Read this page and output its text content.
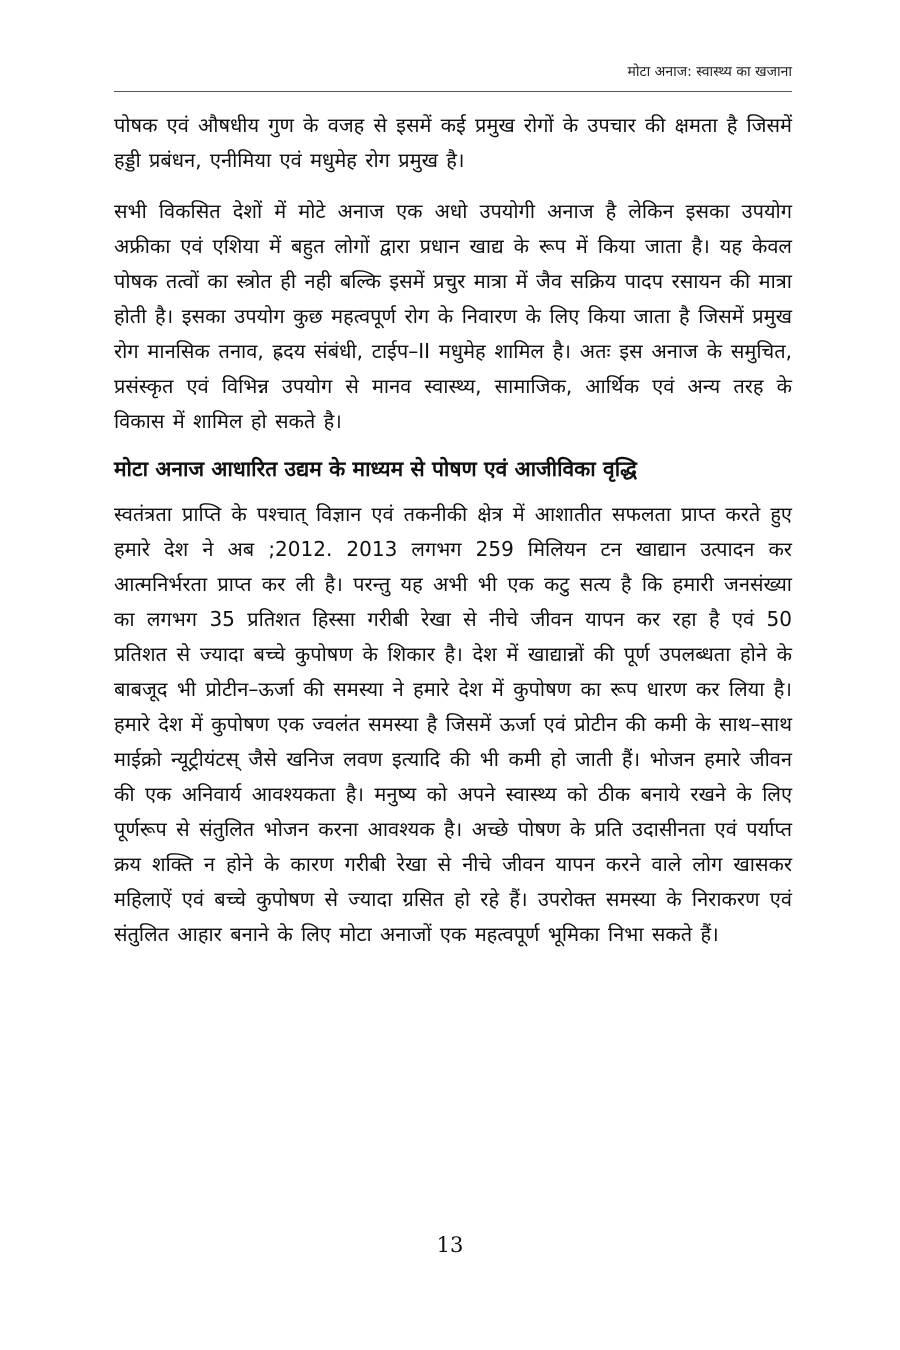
मोटा अनाज: स्वास्थ्य का खजाना

पोषक एवं औषधीय गुण के वजह से इसमें कई प्रमुख रोगों के उपचार की क्षमता है जिसमें हड्डी प्रबंधन, एनीमिया एवं मधुमेह रोग प्रमुख है।

सभी विकसित देशों में मोटे अनाज एक अधो उपयोगी अनाज है लेकिन इसका उपयोग अफ्रीका एवं एशिया में बहुत लोगों द्वारा प्रधान खाद्य के रूप में किया जाता है। यह केवल पोषक तत्वों का स्त्रोत ही नही बल्कि इसमें प्रचुर मात्रा में जैव सक्रिय पादप रसायन की मात्रा होती है। इसका उपयोग कुछ महत्वपूर्ण रोग के निवारण के लिए किया जाता है जिसमें प्रमुख रोग मानसिक तनाव, ह्रदय संबंधी, टाईप–II मधुमेह शामिल है। अतः इस अनाज के समुचित, प्रसंस्कृत एवं विभिन्न उपयोग से मानव स्वास्थ्य, सामाजिक, आर्थिक एवं अन्य तरह के विकास में शामिल हो सकते है।

मोटा अनाज आधारित उद्यम के माध्यम से पोषण एवं आजीविका वृद्धि

स्वतंत्रता प्राप्ति के पश्चात् विज्ञान एवं तकनीकी क्षेत्र में आशातीत सफलता प्राप्त करते हुए हमारे देश ने अब ;2012. 2013 लगभग 259 मिलियन टन खाद्यान उत्पादन कर आत्मनिर्भरता प्राप्त कर ली है। परन्तु यह अभी भी एक कटु सत्य है कि हमारी जनसंख्या का लगभग 35 प्रतिशत हिस्सा गरीबी रेखा से नीचे जीवन यापन कर रहा है एवं 50 प्रतिशत से ज्यादा बच्चे कुपोषण के शिकार है। देश में खाद्यान्नों की पूर्ण उपलब्धता होने के बाबजूद भी प्रोटीन–ऊर्जा की समस्या ने हमारे देश में कुपोषण का रूप धारण कर लिया है। हमारे देश में कुपोषण एक ज्वलंत समस्या है जिसमें ऊर्जा एवं प्रोटीन की कमी के साथ–साथ माईक्रो न्यूट्रीयंटस् जैसे खनिज लवण इत्यादि की भी कमी हो जाती हैं। भोजन हमारे जीवन की एक अनिवार्य आवश्यकता है। मनुष्य को अपने स्वास्थ्य को ठीक बनाये रखने के लिए पूर्णरूप से संतुलित भोजन करना आवश्यक है। अच्छे पोषण के प्रति उदासीनता एवं पर्याप्त क्रय शक्ति न होने के कारण गरीबी रेखा से नीचे जीवन यापन करने वाले लोग खासकर महिलाऐं एवं बच्चे कुपोषण से ज्यादा ग्रसित हो रहे हैं। उपरोक्त समस्या के निराकरण एवं संतुलित आहार बनाने के लिए मोटा अनाजों एक महत्वपूर्ण भूमिका निभा सकते हैं।

13
